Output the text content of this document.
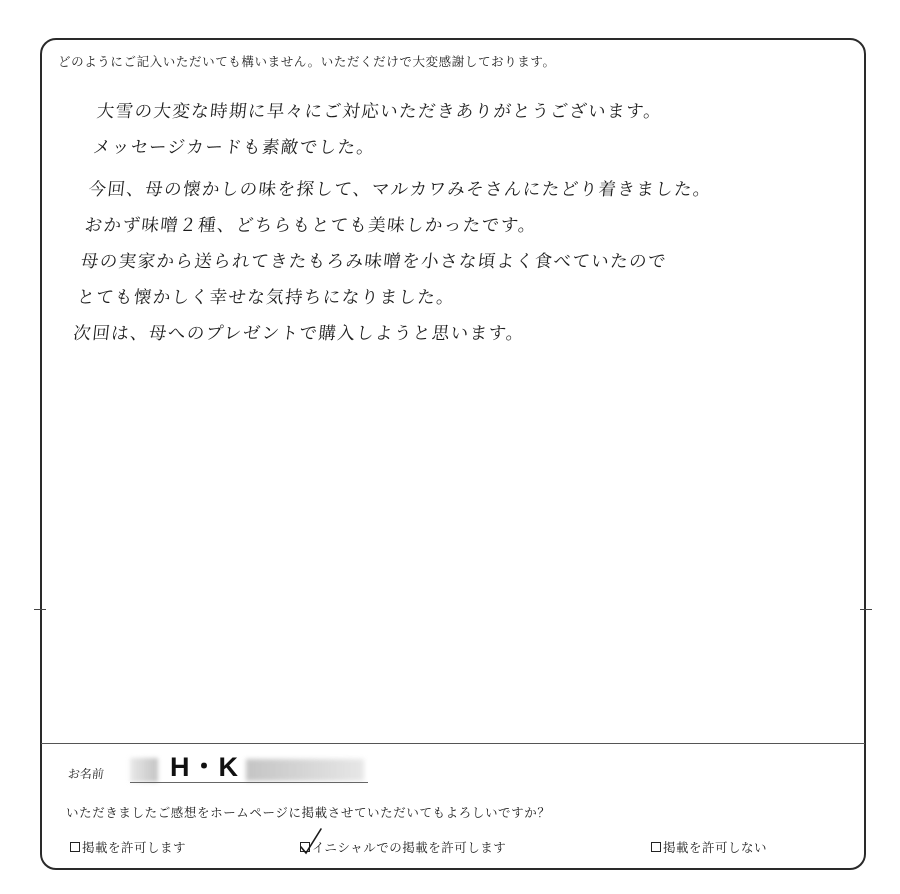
どのようにご記入いただいても構いません。いただくだけで大変感謝しております。
大雪の大変な時期に早々にご対応いただきありがとうございます。
メッセージカードも素敵でした。
今回、母の懐かしの味を探して、マルカワみそさんにたどり着きました。
おかず味噌２種、どちらもとても美味しかったです。
母の実家から送られてきたもろみ味噌を小さな頃よく食べていたので
とても懐かしく幸せな気持ちになりました。
次回は、母へのプレゼントで購入しようと思います。
お名前 H・K
いただきましたご感想をホームページに掲載させていただいてもよろしいですか？
掲載を許可します	イニシャルでの掲載を許可します	掲載を許可しない
